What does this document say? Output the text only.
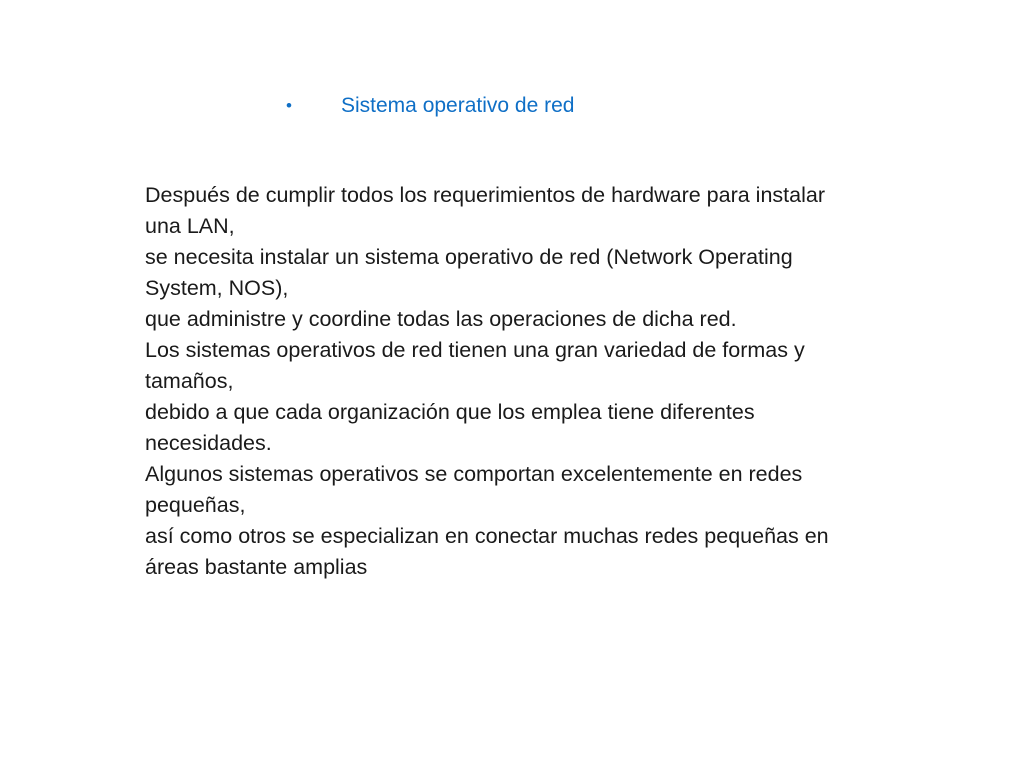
•	Sistema operativo de red
Después de cumplir todos los requerimientos de hardware para instalar
una LAN,
se necesita instalar un sistema operativo de red (Network Operating
System, NOS),
que administre y coordine todas las operaciones de dicha red.
Los sistemas operativos de red tienen una gran variedad de formas y
tamaños,
debido a que cada organización que los emplea tiene diferentes
necesidades.
Algunos sistemas operativos se comportan excelentemente en redes
pequeñas,
así como otros se especializan en conectar muchas redes pequeñas en
áreas bastante amplias
